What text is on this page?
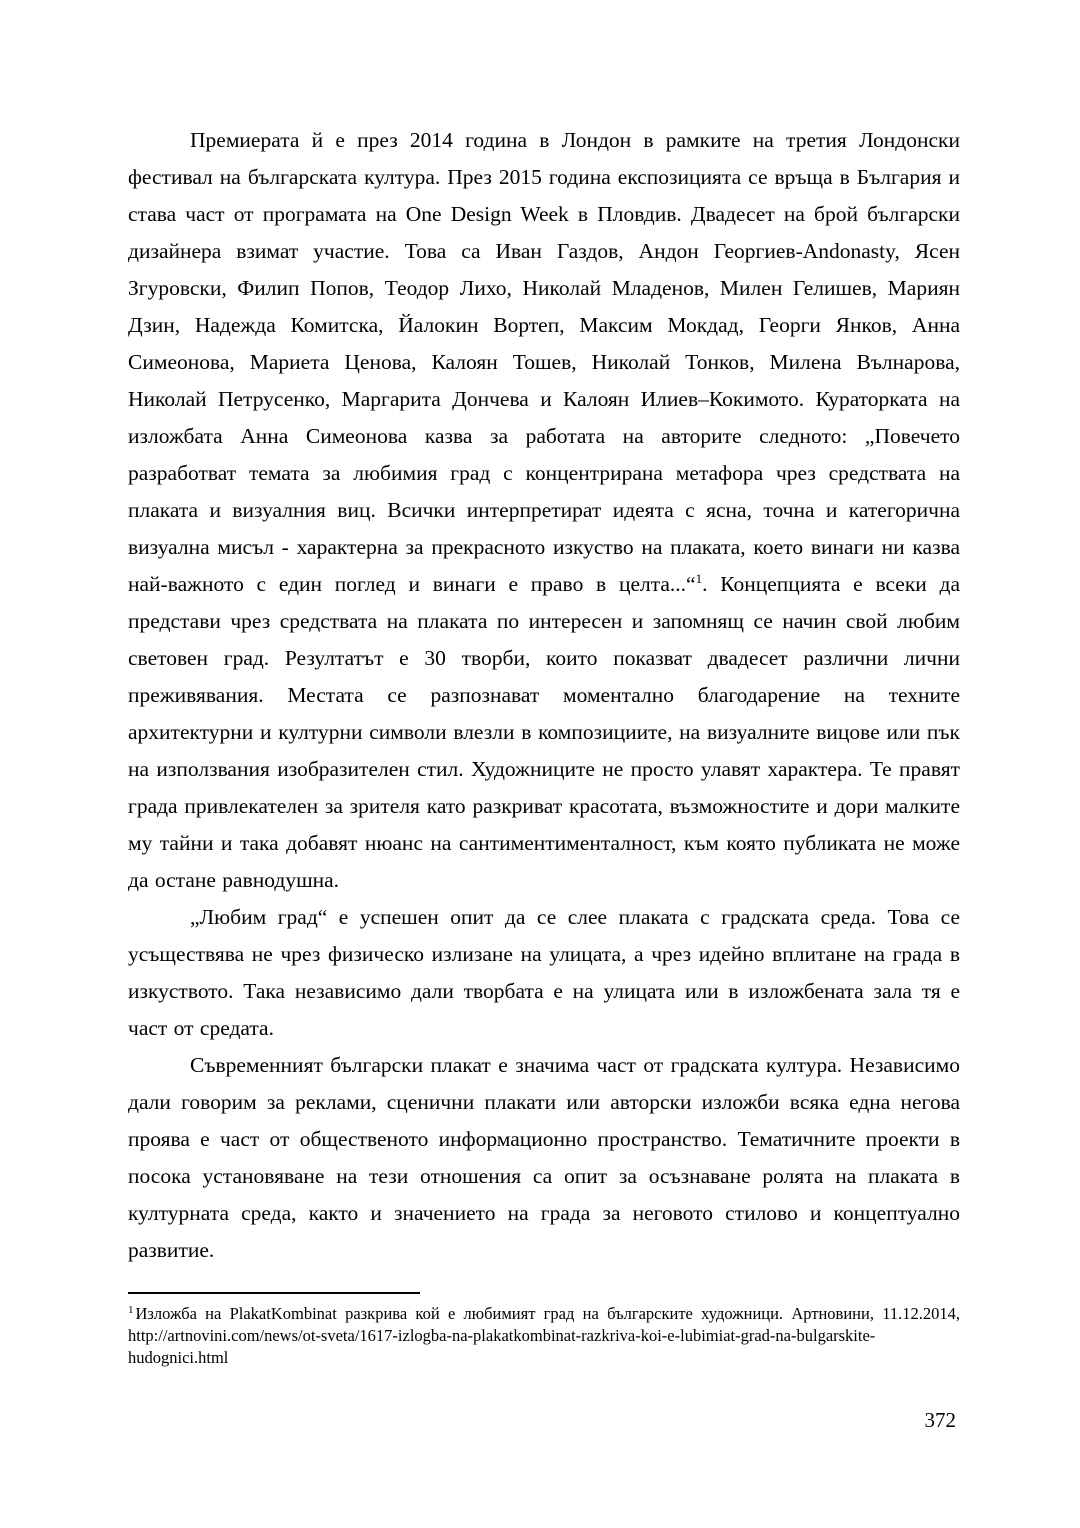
Премиерата й е през 2014 година в Лондон в рамките на третия Лондонски фестивал на българската култура. През 2015 година експозицията се връща в България и става част от програмата на One Design Week в Пловдив. Двадесет на брой български дизайнера взимат участие. Това са Иван Газдов, Андон Георгиев-Andonasty, Ясен Згуровски, Филип Попов, Теодор Лихо, Николай Младенов, Милен Гелишев, Мариян Дзин, Надежда Комитска, Йалокин Вортеп, Максим Мокдад, Георги Янков, Анна Симеонова, Мариета Ценова, Калоян Тошев, Николай Тонков, Милена Вълнарова, Николай Петрусенко, Маргарита Дончева и Калоян Илиев–Кокимото. Кураторката на изложбата Анна Симеонова казва за работата на авторите следното: „Повечето разработват темата за любимия град с концентрирана метафора чрез средствата на плаката и визуалния виц. Всички интерпретират идеята с ясна, точна и категорична визуална мисъл - характерна за прекрасното изкуство на плаката, което винаги ни казва най-важното с един поглед и винаги е право в целта...“$^1$. Концепцията е всеки да представи чрез средствата на плаката по интересен и запомнящ се начин свой любим световен град. Резултатът е 30 творби, които показват двадесет различни лични преживявания. Местата се разпознават моментално благодарение на техните архитектурни и културни символи влезли в композициите, на визуалните вицове или пък на използвания изобразителен стил. Художниците не просто улавят характера. Те правят града привлекателен за зрителя като разкриват красотата, възможностите и дори малките му тайни и така добавят нюанс на сантиментименталност, към която публиката не може да остане равнодушна.

„Любим град“ е успешен опит да се слее плаката с градската среда. Това се усъществява не чрез физическо излизане на улицата, а чрез идейно вплитане на града в изкуството. Така независимо дали творбата е на улицата или в изложбената зала тя е част от средата.

Съвременният български плакат е значима част от градската култура. Независимо дали говорим за реклами, сценични плакати или авторски изложби всяка една негова проява е част от общественото информационно пространство. Тематичните проекти в посока установяване на тези отношения са опит за осъзнаване ролята на плаката в културната среда, както и значението на града за неговото стилово и концептуално развитие.

$^1$ Изложба на PlakatKombinat разкрива кой е любимият град на българските художници. Артновини, 11.12.2014, http://artnovini.com/news/ot-sveta/1617-izlogba-na-plakatkombinat-razkriva-koi-e-lubimiat-grad-na-bulgarskite-hudognici.html

372
